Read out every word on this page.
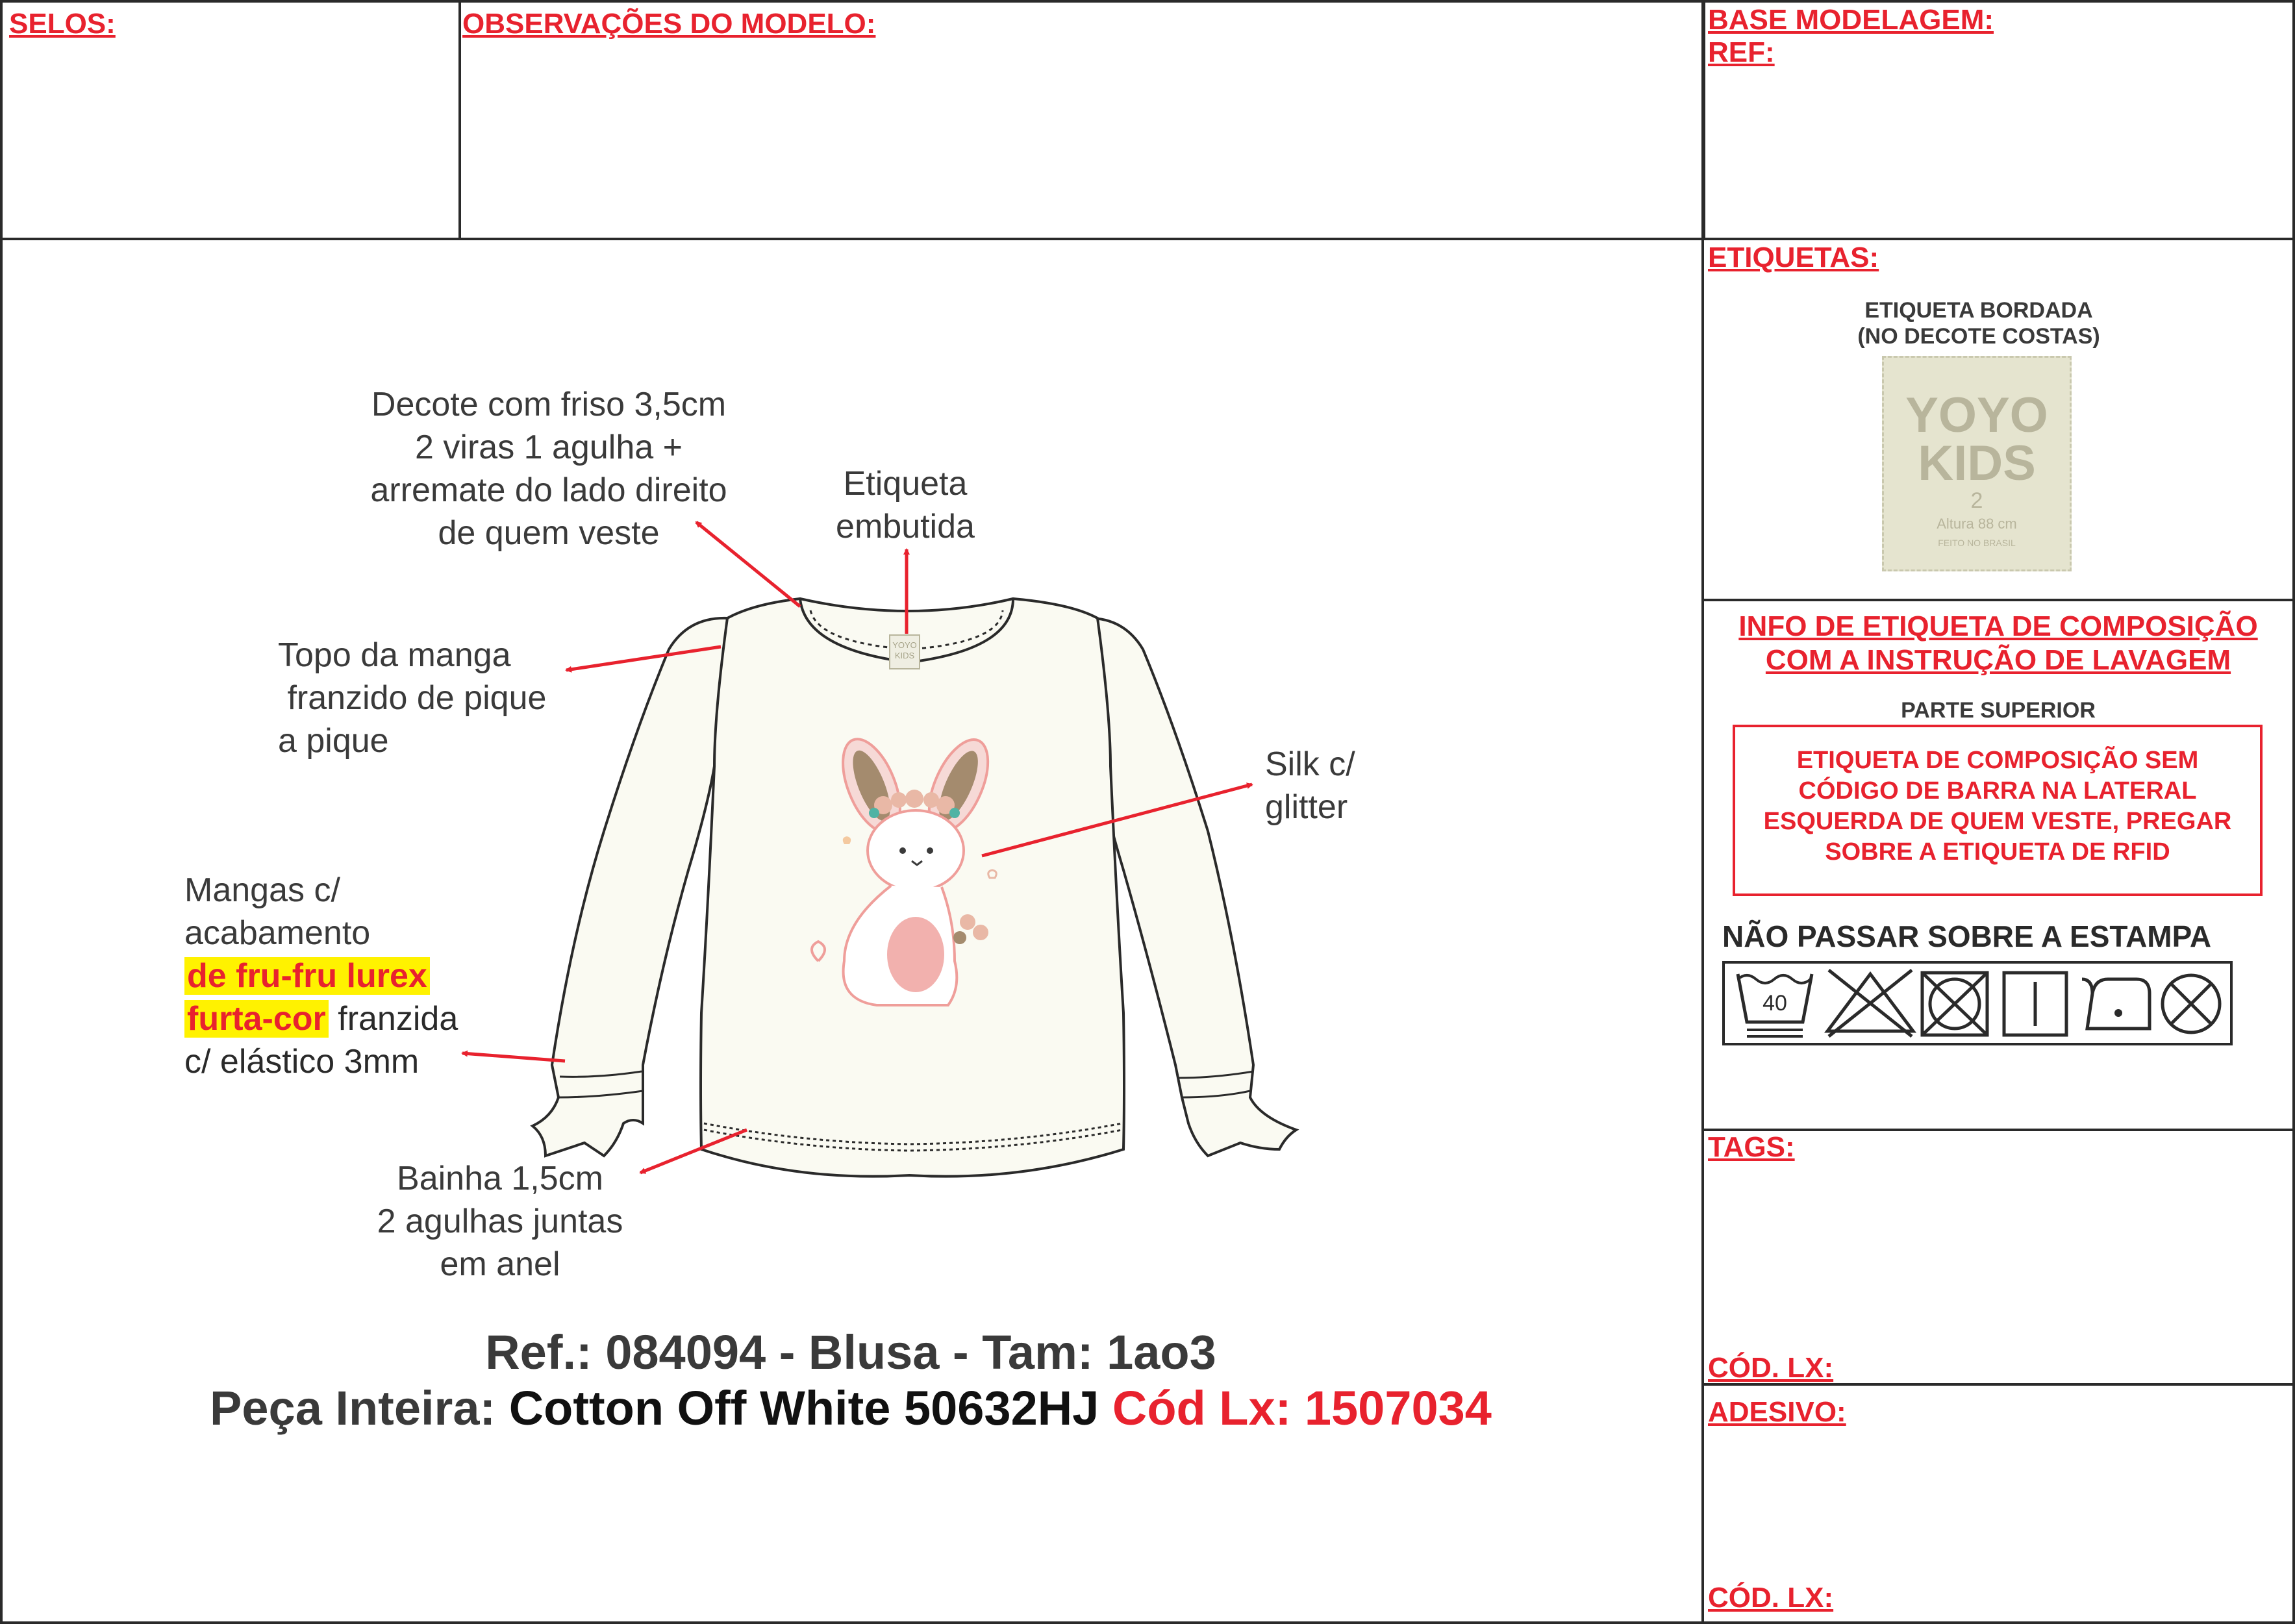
SELOS:	OBSERVAÇÕES DO MODELO:	BASE MODELAGEM:
REF:
ETIQUETAS:
ETIQUETA BORDADA
(NO DECOTE COSTAS)
YOYO
KIDS
2
Altura 88 cm
FEITO NO BRASIL
INFO DE ETIQUETA DE COMPOSIÇÃO
COM A INSTRUÇÃO DE LAVAGEM
PARTE SUPERIOR
ETIQUETA DE COMPOSIÇÃO SEM
CÓDIGO DE BARRA NA LATERAL
ESQUERDA DE QUEM VESTE, PREGAR
SOBRE A ETIQUETA DE RFID
NÃO PASSAR SOBRE A ESTAMPA
40
TAGS:
CÓD. LX:
ADESIVO:
CÓD. LX:
YOYO
KIDS
Decote com friso 3,5cm
2 viras 1 agulha +
arremate do lado direito
de quem veste
Etiqueta
embutida
Topo da manga
franzido de pique
a pique
Silk c/
glitter
Mangas c/
acabamento
de fru-fru lurex
furta-cor franzida
c/ elástico 3mm
Bainha 1,5cm
2 agulhas juntas
em anel
Ref.: 084094 - Blusa - Tam: 1ao3
Peça Inteira: Cotton Off White 50632HJ Cód Lx: 1507034
